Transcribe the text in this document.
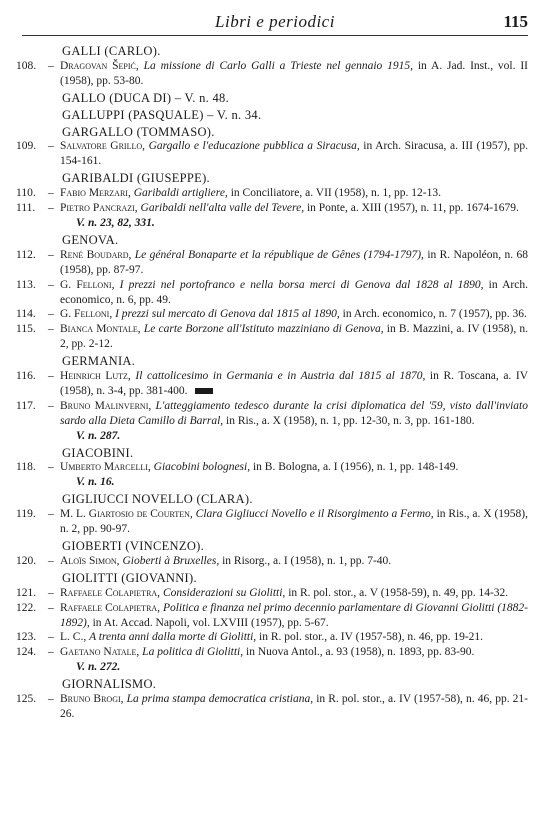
Libri e periodici	115
GALLI (CARLO).
108.	– Dragovan Šepić, La missione di Carlo Galli a Trieste nel gennaio 1915, in A. Jad. Inst., vol. II (1958), pp. 53-80.
GALLO (DUCA DI) – V. n. 48.
GALLUPPI (PASQUALE) – V. n. 34.
GARGALLO (TOMMASO).
109.	– Salvatore Grillo, Gargallo e l'educazione pubblica a Siracusa, in Arch. Siracusa, a. III (1957), pp. 154-161.
GARIBALDI (GIUSEPPE).
110.	– Fabio Merzari, Garibaldi artigliere, in Conciliatore, a. VII (1958), n. 1, pp. 12-13.
111.	– Pietro Pancrazi, Garibaldi nell'alta valle del Tevere, in Ponte, a. XIII (1957), n. 11, pp. 1674-1679.
V. n. 23, 82, 331.
GENOVA.
112.	– René Boudard, Le général Bonaparte et la république de Gênes (1794-1797), in R. Napoléon, n. 68 (1958), pp. 87-97.
113.	– G. Felloni, I prezzi nel portofranco e nella borsa merci di Genova dal 1828 al 1890, in Arch. economico, n. 6, pp. 49.
114.	– G. Felloni, I prezzi sul mercato di Genova dal 1815 al 1890, in Arch. economico, n. 7 (1957), pp. 36.
115.	– Bianca Montale, Le carte Borzone all'Istituto mazziniano di Genova, in B. Mazzini, a. IV (1958), n. 2, pp. 2-12.
GERMANIA.
116.	– Heinrich Lutz, Il cattolicesimo in Germania e in Austria dal 1815 al 1870, in R. Toscana, a. IV (1958), n. 3-4, pp. 381-400.
117.	– Bruno Malinverni, L'atteggiamento tedesco durante la crisi diplomatica del '59, visto dall'inviato sardo alla Dieta Camillo di Barral, in Ris., a. X (1958), n. 1, pp. 12-30, n. 3, pp. 161-180.
V. n. 287.
GIACOBINI.
118.	– Umberto Marcelli, Giacobini bolognesi, in B. Bologna, a. I (1956), n. 1, pp. 148-149.
V. n. 16.
GIGLIUCCI NOVELLO (CLARA).
119.	– M. L. Giartosio de Courten, Clara Gigliucci Novello e il Risorgimento a Fermo, in Ris., a. X (1958), n. 2, pp. 90-97.
GIOBERTI (VINCENZO).
120.	– Aloïs Simon, Gioberti à Bruxelles, in Risorg., a. I (1958), n. 1, pp. 7-40.
GIOLITTI (GIOVANNI).
121.	– Raffaele Colapietra, Considerazioni su Giolitti, in R. pol. stor., a. V (1958-59), n. 49, pp. 14-32.
122.	– Raffaele Colapietra, Politica e finanza nel primo decennio parlamentare di Giovanni Giolitti (1882-1892), in At. Accad. Napoli, vol. LXVIII (1957), pp. 5-67.
123.	– L. C., A trenta anni dalla morte di Giolitti, in R. pol. stor., a. IV (1957-58), n. 46, pp. 19-21.
124.	– Gaetano Natale, La politica di Giolitti, in Nuova Antol., a. 93 (1958), n. 1893, pp. 83-90.
V. n. 272.
GIORNALISMO.
125.	– Bruno Brogi, La prima stampa democratica cristiana, in R. pol. stor., a. IV (1957-58), n. 46, pp. 21-26.
